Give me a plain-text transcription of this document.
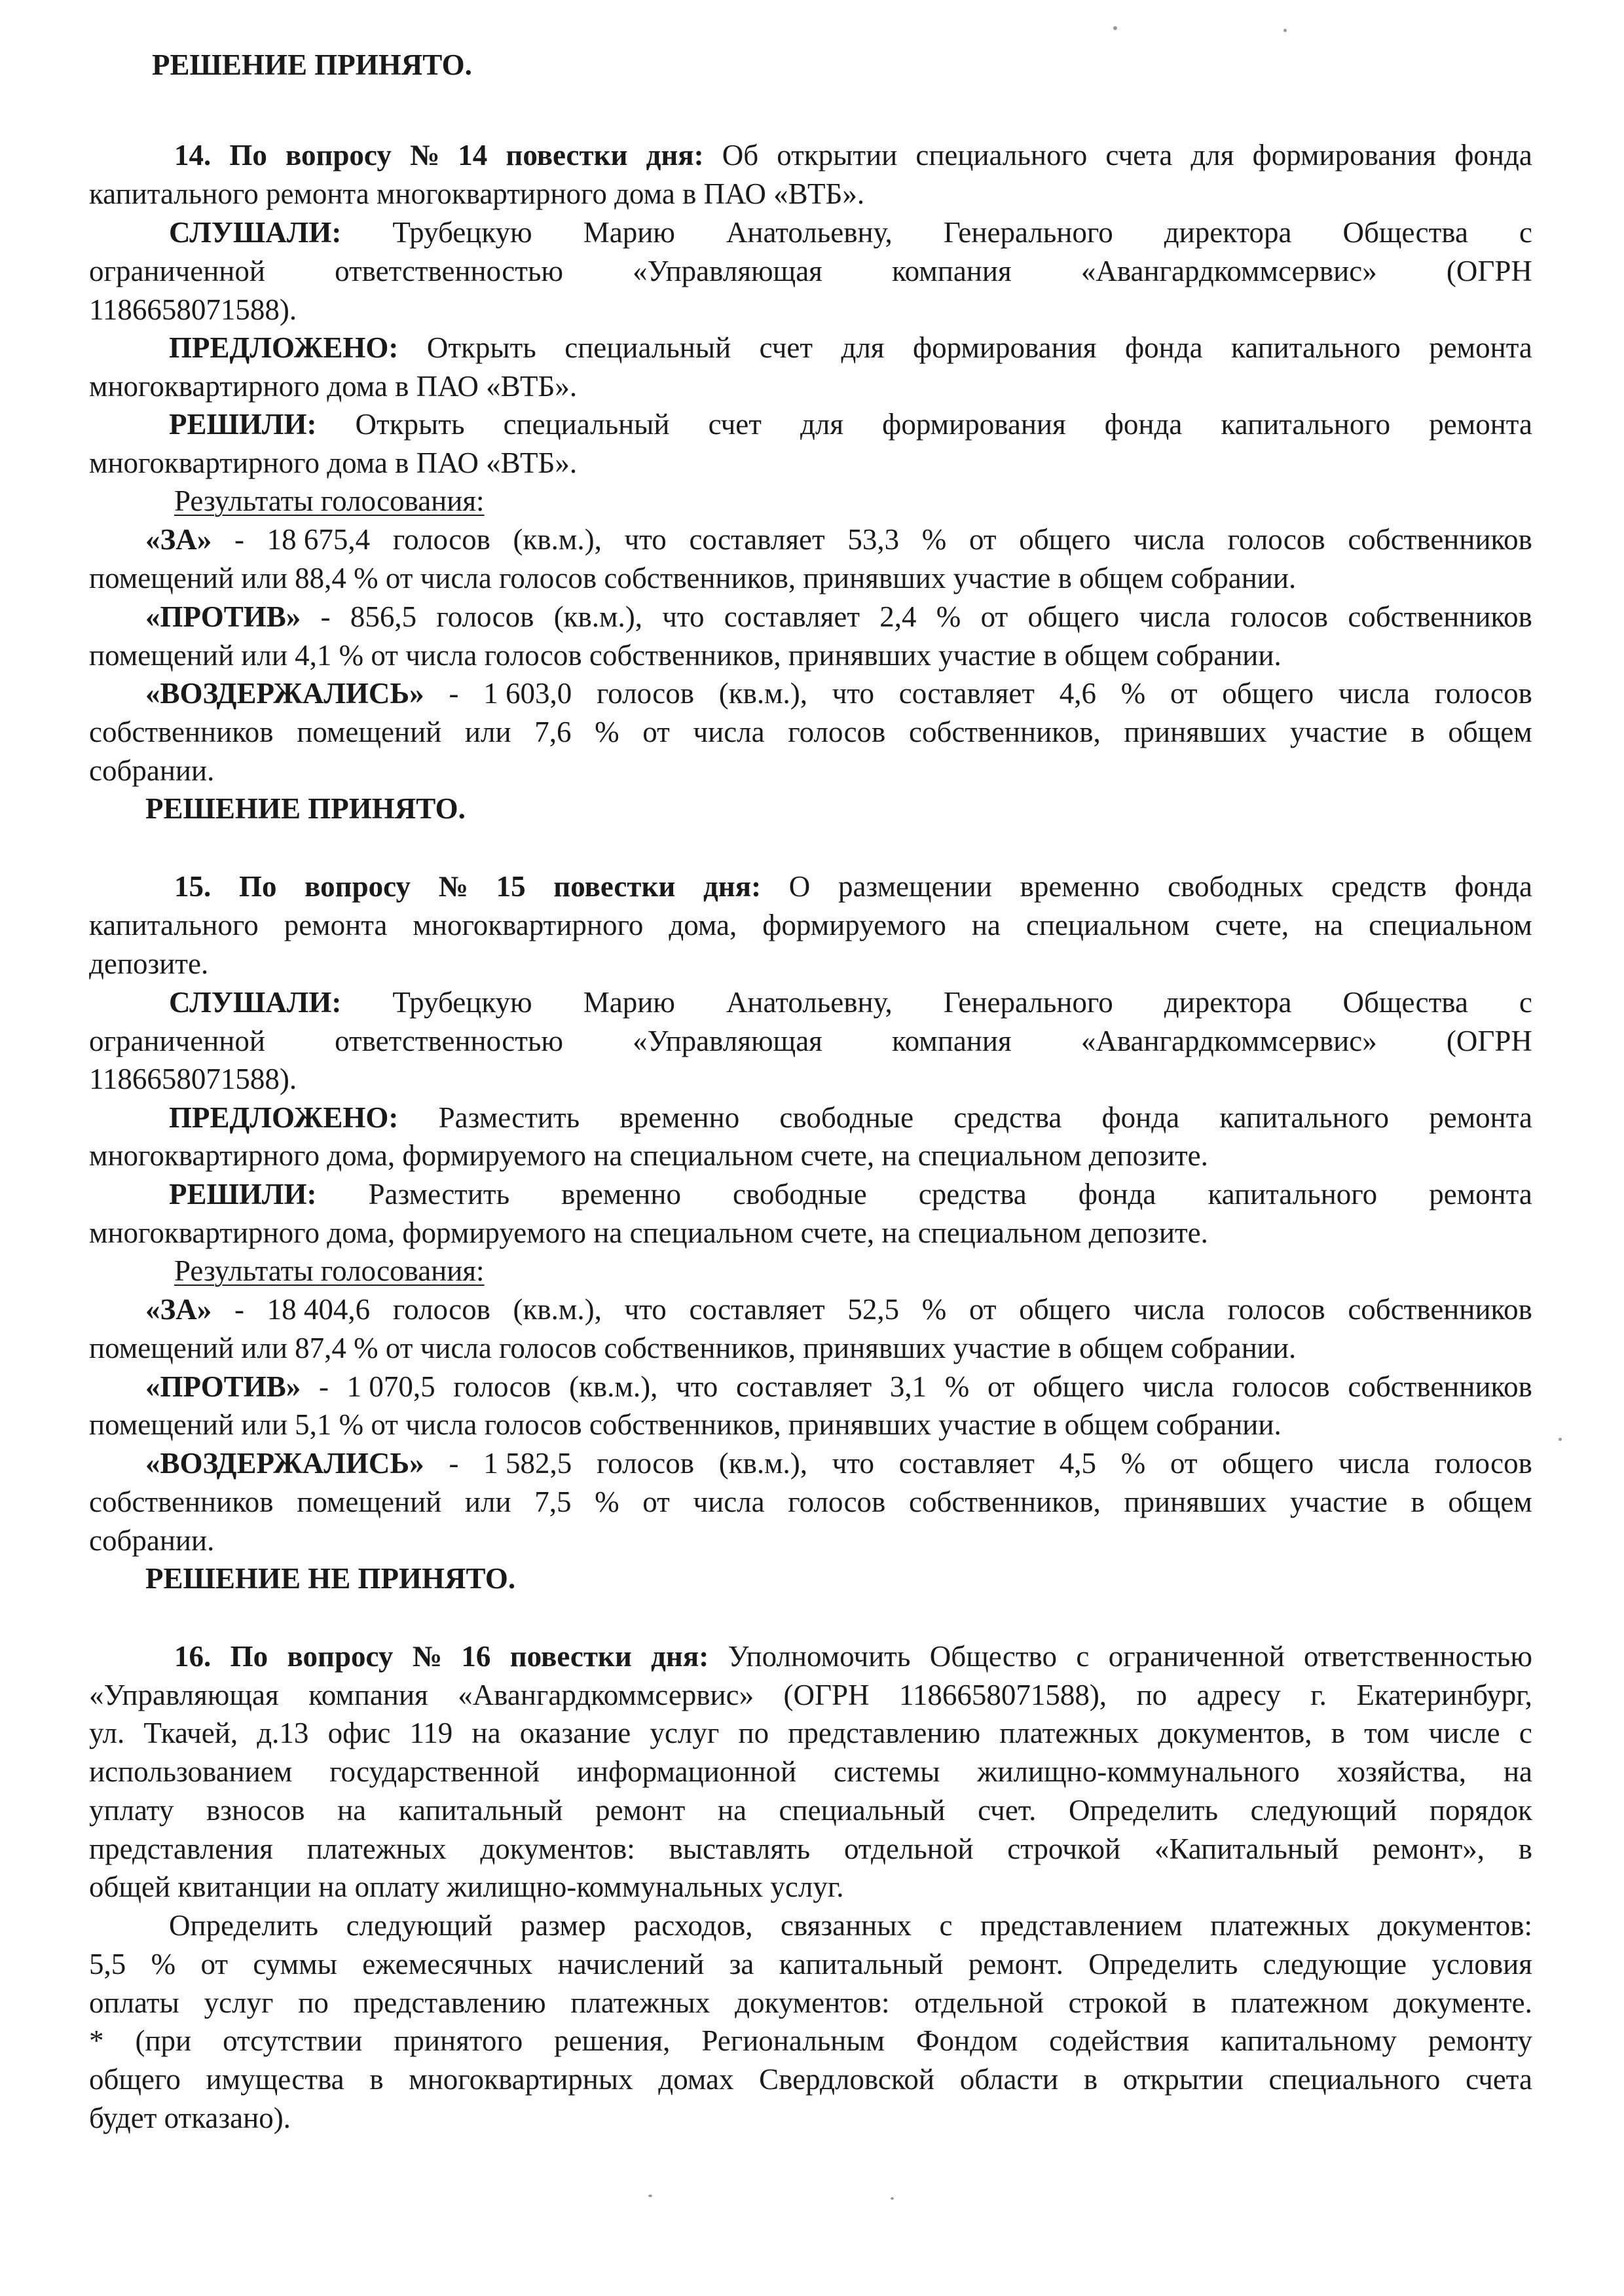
РЕШЕНИЕ ПРИНЯТО.
14. По вопросу № 14 повестки дня: Об открытии специального счета для формирования фонда
капитального ремонта многоквартирного дома в ПАО «ВТБ».
СЛУШАЛИ: Трубецкую Марию Анатольевну, Генерального директора Общества с
ограниченной ответственностью «Управляющая компания «Авангардкоммсервис» (ОГРН
1186658071588).
ПРЕДЛОЖЕНО: Открыть специальный счет для формирования фонда капитального ремонта
многоквартирного дома в ПАО «ВТБ».
РЕШИЛИ: Открыть специальный счет для формирования фонда капитального ремонта
многоквартирного дома в ПАО «ВТБ».
Результаты голосования:
«ЗА» - 18 675,4 голосов (кв.м.), что составляет 53,3 % от общего числа голосов собственников
помещений или 88,4 % от числа голосов собственников, принявших участие в общем собрании.
«ПРОТИВ» - 856,5 голосов (кв.м.), что составляет 2,4 % от общего числа голосов собственников
помещений или 4,1 % от числа голосов собственников, принявших участие в общем собрании.
«ВОЗДЕРЖАЛИСЬ» - 1 603,0 голосов (кв.м.), что составляет 4,6 % от общего числа голосов
собственников помещений или 7,6 % от числа голосов собственников, принявших участие в общем
собрании.
РЕШЕНИЕ ПРИНЯТО.
15. По вопросу № 15 повестки дня: О размещении временно свободных средств фонда
капитального ремонта многоквартирного дома, формируемого на специальном счете, на специальном
депозите.
СЛУШАЛИ: Трубецкую Марию Анатольевну, Генерального директора Общества с
ограниченной ответственностью «Управляющая компания «Авангардкоммсервис» (ОГРН
1186658071588).
ПРЕДЛОЖЕНО: Разместить временно свободные средства фонда капитального ремонта
многоквартирного дома, формируемого на специальном счете, на специальном депозите.
РЕШИЛИ: Разместить временно свободные средства фонда капитального ремонта
многоквартирного дома, формируемого на специальном счете, на специальном депозите.
Результаты голосования:
«ЗА» - 18 404,6 голосов (кв.м.), что составляет 52,5 % от общего числа голосов собственников
помещений или 87,4 % от числа голосов собственников, принявших участие в общем собрании.
«ПРОТИВ» - 1 070,5 голосов (кв.м.), что составляет 3,1 % от общего числа голосов собственников
помещений или 5,1 % от числа голосов собственников, принявших участие в общем собрании.
«ВОЗДЕРЖАЛИСЬ» - 1 582,5 голосов (кв.м.), что составляет 4,5 % от общего числа голосов
собственников помещений или 7,5 % от числа голосов собственников, принявших участие в общем
собрании.
РЕШЕНИЕ НЕ ПРИНЯТО.
16. По вопросу № 16 повестки дня: Уполномочить Общество с ограниченной ответственностью
«Управляющая компания «Авангардкоммсервис» (ОГРН 1186658071588), по адресу г. Екатеринбург,
ул. Ткачей, д.13 офис 119 на оказание услуг по представлению платежных документов, в том числе с
использованием государственной информационной системы жилищно-коммунального хозяйства, на
уплату взносов на капитальный ремонт на специальный счет. Определить следующий порядок
представления платежных документов: выставлять отдельной строчкой «Капитальный ремонт», в
общей квитанции на оплату жилищно-коммунальных услуг.
Определить следующий размер расходов, связанных с представлением платежных документов:
5,5 % от суммы ежемесячных начислений за капитальный ремонт. Определить следующие условия
оплаты услуг по представлению платежных документов: отдельной строкой в платежном документе.
* (при отсутствии принятого решения, Региональным Фондом содействия капитальному ремонту
общего имущества в многоквартирных домах Свердловской области в открытии специального счета
будет отказано).
